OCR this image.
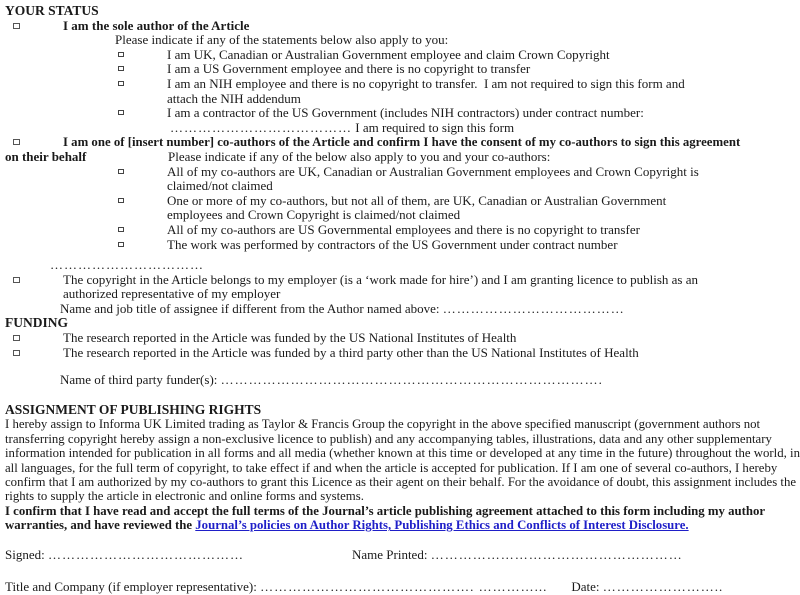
YOUR STATUS
I am the sole author of the Article
Please indicate if any of the statements below also apply to you:
I am UK, Canadian or Australian Government employee and claim Crown Copyright
I am a US Government employee and there is no copyright to transfer
I am an NIH employee and there is no copyright to transfer.  I am not required to sign this form and attach the NIH addendum
I am a contractor of the US Government (includes NIH contractors) under contract number:
………………………………… I am required to sign this form
I am one of [insert number] co-authors of the Article and confirm I have the consent of my co-authors to sign this agreement
on their behalf	Please indicate if any of the below also apply to you and your co-authors:
All of my co-authors are UK, Canadian or Australian Government employees and Crown Copyright is claimed/not claimed
One or more of my co-authors, but not all of them, are UK, Canadian or Australian Government employees and Crown Copyright is claimed/not claimed
All of my co-authors are US Governmental employees and there is no copyright to transfer
The work was performed by contractors of the US Government under contract number
……………………………
The copyright in the Article belongs to my employer (is a ‘work made for hire’) and I am granting licence to publish as an authorized representative of my employer
Name and job title of assignee if different from the Author named above: …………………………………
FUNDING
The research reported in the Article was funded by the US National Institutes of Health
The research reported in the Article was funded by a third party other than the US National Institutes of Health
Name of third party funder(s): ……………………………………………………………………….
ASSIGNMENT OF PUBLISHING RIGHTS
I hereby assign to Informa UK Limited trading as Taylor & Francis Group the copyright in the above specified manuscript (government authors not transferring copyright hereby assign a non-exclusive licence to publish) and any accompanying tables, illustrations, data and any other supplementary information intended for publication in all forms and all media (whether known at this time or developed at any time in the future) throughout the world, in all languages, for the full term of copyright, to take effect if and when the article is accepted for publication. If I am one of several co-authors, I hereby confirm that I am authorized by my co-authors to grant this Licence as their agent on their behalf. For the avoidance of doubt, this assignment includes the rights to supply the article in electronic and online forms and systems.
I confirm that I have read and accept the full terms of the Journal’s article publishing agreement attached to this form including my author warranties, and have reviewed the Journal’s policies on Author Rights, Publishing Ethics and Conflicts of Interest Disclosure.
Signed: ……………………………………	Name Printed: ………………………………………………
Title and Company (if employer representative): ………………………………………. …………... Date: ……………………..
